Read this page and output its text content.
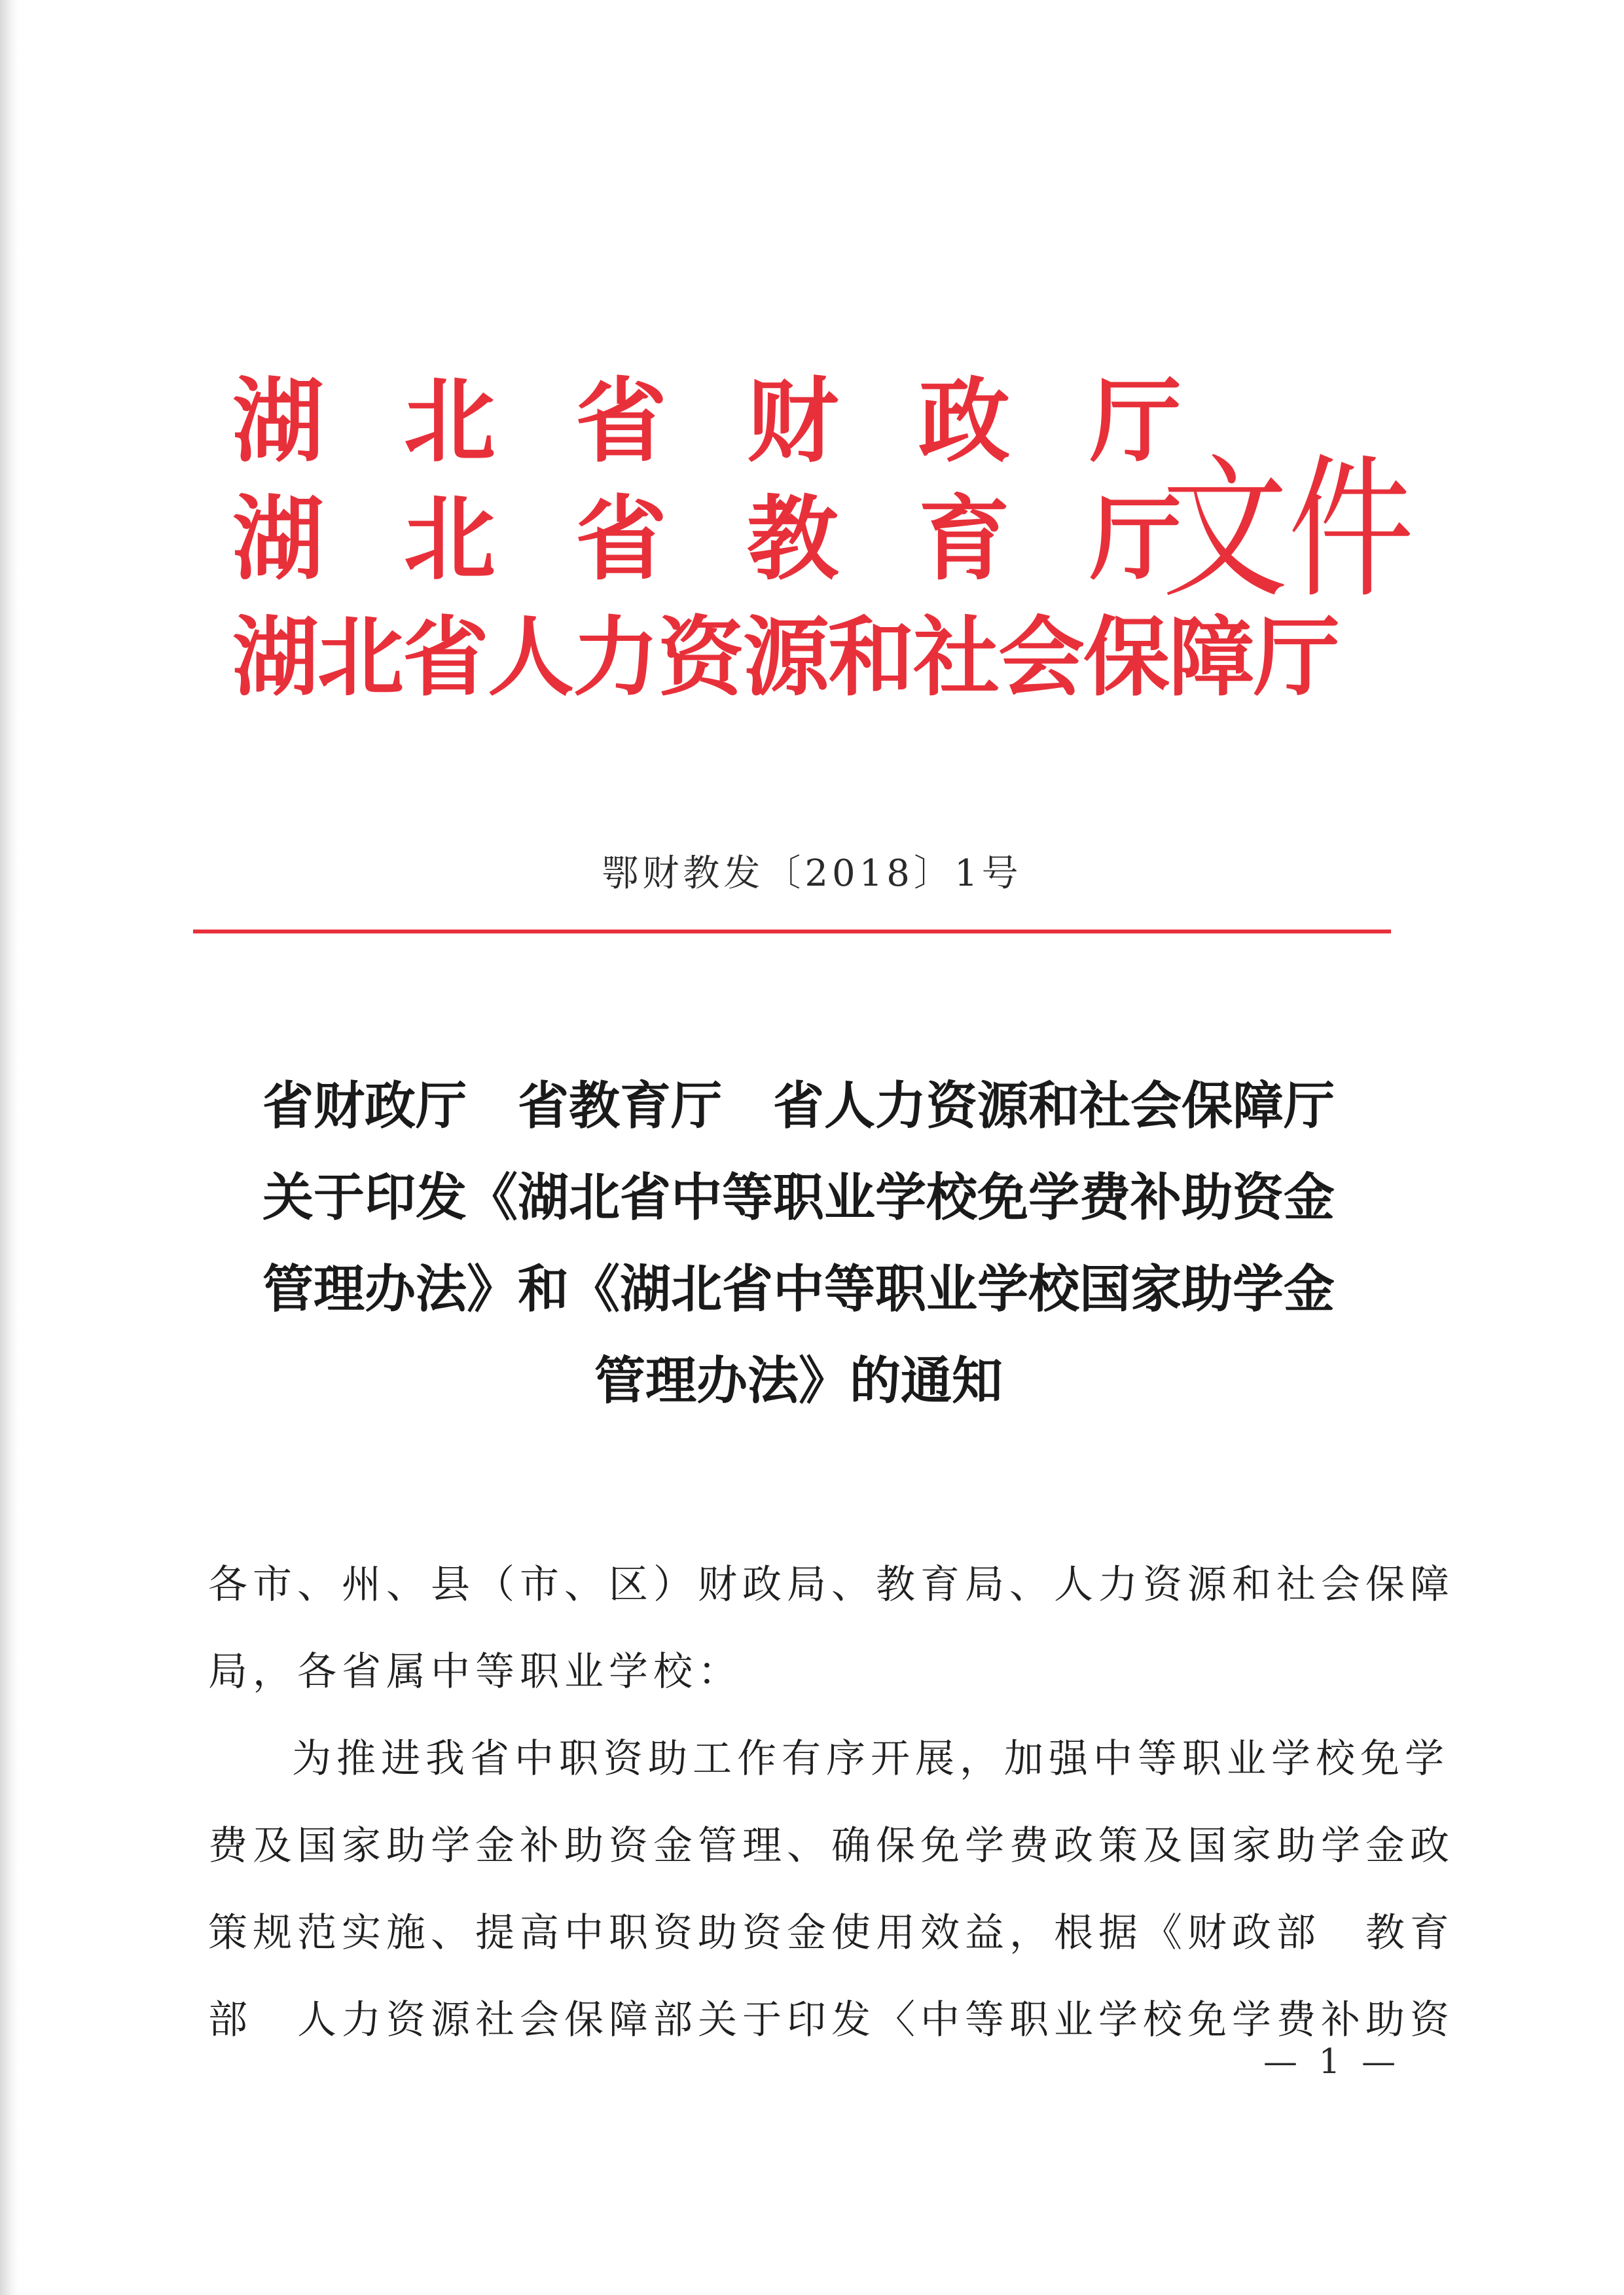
湖 北 省 财 政 厅
湖 北 省 教 育 厅
湖北省人力资源和社会保障厅
文件
鄂财教发〔2018〕1号
省财政厅　省教育厅　省人力资源和社会保障厅
关于印发《湖北省中等职业学校免学费补助资金
管理办法》和《湖北省中等职业学校国家助学金
管理办法》的通知
各市、州、县（市、区）财政局、教育局、人力资源和社会保障
局，各省属中等职业学校：
为推进我省中职资助工作有序开展，加强中等职业学校免学
费及国家助学金补助资金管理、确保免学费政策及国家助学金政
策规范实施、提高中职资助资金使用效益，根据《财政部　教育
部　人力资源社会保障部关于印发〈中等职业学校免学费补助资
— 1 —
